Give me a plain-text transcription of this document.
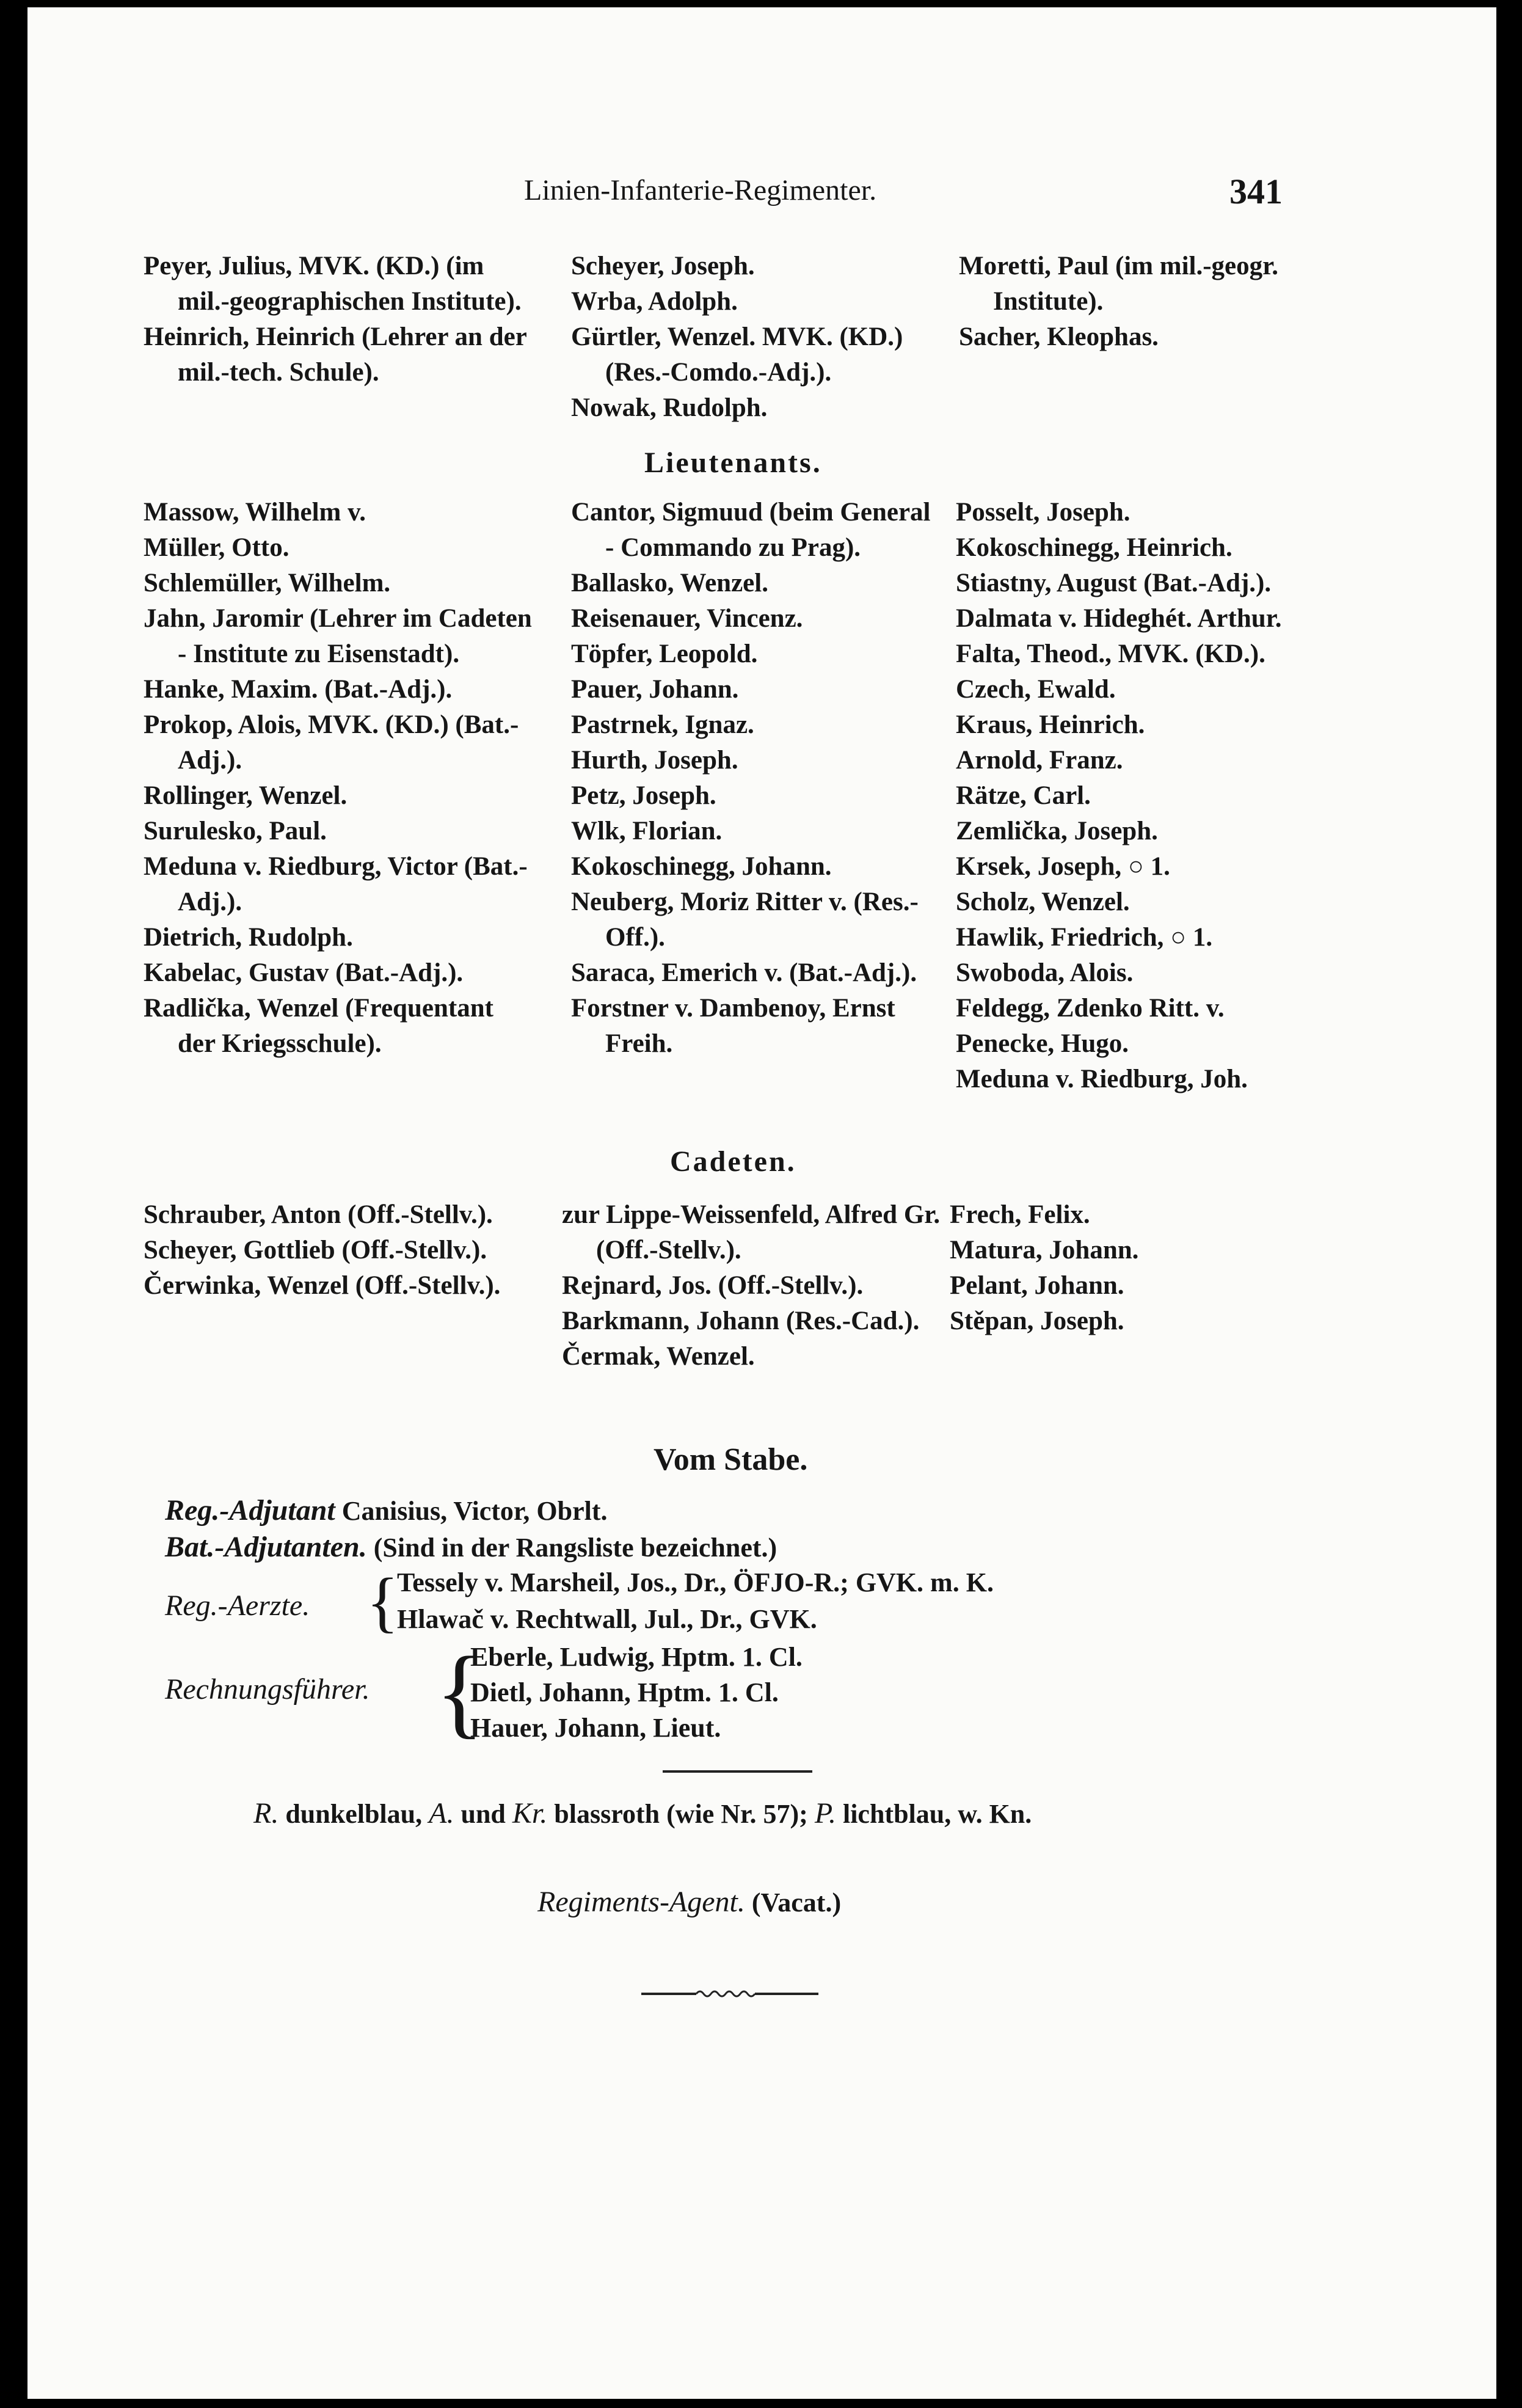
Linien-Infanterie-Regimenter.	341
Peyer, Julius, MVK. (KD.) (im mil.-geographischen Institute).
Heinrich, Heinrich (Lehrer an der mil.-tech. Schule).
Scheyer, Joseph.
Wrba, Adolph.
Gürtler, Wenzel. MVK. (KD.) (Res.-Comdo.-Adj.).
Nowak, Rudolph.
Moretti, Paul (im mil.-geogr. Institute).
Sacher, Kleophas.
Lieutenants.
Massow, Wilhelm v.
Müller, Otto.
Schlemüller, Wilhelm.
Jahn, Jaromir (Lehrer im Cadeten - Institute zu Eisenstadt).
Hanke, Maxim. (Bat.-Adj.).
Prokop, Alois, MVK. (KD.) (Bat.-Adj.).
Rollinger, Wenzel.
Surulesko, Paul.
Meduna v. Riedburg, Victor (Bat.-Adj.).
Dietrich, Rudolph.
Kabelac, Gustav (Bat.-Adj.).
Radlička, Wenzel (Frequentant der Kriegsschule).
Cantor, Sigmuud (beim General - Commando zu Prag).
Ballasko, Wenzel.
Reisenauer, Vincenz.
Töpfer, Leopold.
Pauer, Johann.
Pastrnek, Ignaz.
Hurth, Joseph.
Petz, Joseph.
Wlk, Florian.
Kokoschinegg, Johann.
Neuberg, Moriz Ritter v. (Res.-Off.).
Saraca, Emerich v. (Bat.-Adj.).
Forstner v. Dambenoy, Ernst Freih.
Posselt, Joseph.
Kokoschinegg, Heinrich.
Stiastny, August (Bat.-Adj.).
Dalmata v. Hideghét. Arthur.
Falta, Theod., MVK. (KD.).
Czech, Ewald.
Kraus, Heinrich.
Arnold, Franz.
Rätze, Carl.
Zemlička, Joseph.
Krsek, Joseph, ○ 1.
Scholz, Wenzel.
Hawlik, Friedrich, ○ 1.
Swoboda, Alois.
Feldegg, Zdenko Ritt. v.
Penecke, Hugo.
Meduna v. Riedburg, Joh.
Cadeten.
Schrauber, Anton (Off.-Stellv.).
Scheyer, Gottlieb (Off.-Stellv.).
Čerwinka, Wenzel (Off.-Stellv.).
zur Lippe-Weissenfeld, Alfred Gr. (Off.-Stellv.).
Rejnard, Jos. (Off.-Stellv.).
Barkmann, Johann (Res.-Cad.).
Čermak, Wenzel.
Frech, Felix.
Matura, Johann.
Pelant, Johann.
Stěpan, Joseph.
Vom Stabe.
Reg.-Adjutant Canisius, Victor, Obrlt.
Bat.-Adjutanten. (Sind in der Rangsliste bezeichnet.)
Reg.-Aerzte. {
Tessely v. Marsheil, Jos., Dr., ÖFJO-R.; GVK. m. K.
Hlawač v. Rechtwall, Jul., Dr., GVK.
Rechnungsführer. {
Eberle, Ludwig, Hptm. 1. Cl.
Dietl, Johann, Hptm. 1. Cl.
Hauer, Johann, Lieut.
R. dunkelblau, A. und Kr. blassroth (wie Nr. 57); P. lichtblau, w. Kn.
Regiments-Agent. (Vacat.)
